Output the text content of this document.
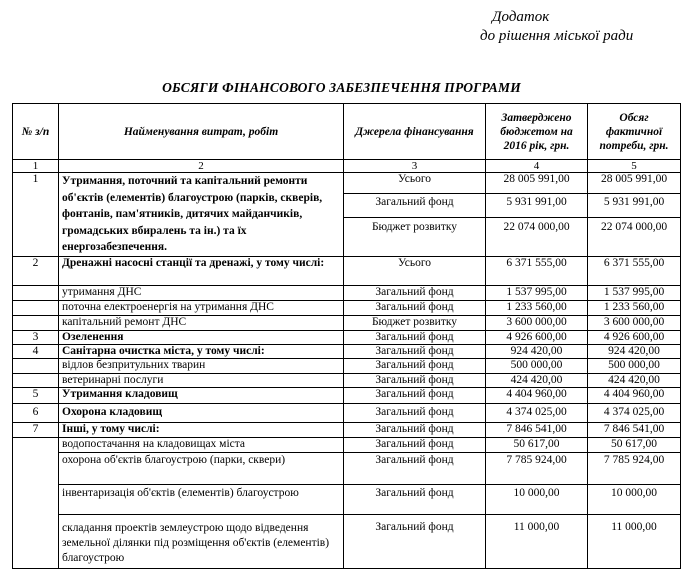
Додаток
до рішення міської ради
ОБСЯГИ ФІНАНСОВОГО ЗАБЕЗПЕЧЕННЯ ПРОГРАМИ
№ з/п	Найменування витрат, робіт	Джерела фінансування	Затверджено бюджетом на 2016 рік, грн.	Обсяг фактичної потреби, грн.
1	2	3	4	5
1	Утримання, поточний та капітальний ремонти об'єктів (елементів) благоустрою (парків, скверів, фонтанів, пам'ятників, дитячих майданчиків, громадських вбиралень та ін.) та їх енергозабезпечення.	Усього	28 005 991,00	28 005 991,00
		Загальний фонд	5 931 991,00	5 931 991,00
		Бюджет розвитку	22 074 000,00	22 074 000,00
2	Дренажні насосні станції та дренажі, у тому числі:	Усього	6 371 555,00	6 371 555,00
	утримання ДНС	Загальний фонд	1 537 995,00	1 537 995,00
	поточна електроенергія на утримання ДНС	Загальний фонд	1 233 560,00	1 233 560,00
	капітальний ремонт ДНС	Бюджет розвитку	3 600 000,00	3 600 000,00
3	Озеленення	Загальний фонд	4 926 600,00	4 926 600,00
4	Санітарна очистка міста, у тому числі:	Загальний фонд	924 420,00	924 420,00
	відлов безпритульних тварин	Загальний фонд	500 000,00	500 000,00
	ветеринарні послуги	Загальний фонд	424 420,00	424 420,00
5	Утримання кладовищ	Загальний фонд	4 404 960,00	4 404 960,00
6	Охорона кладовищ	Загальний фонд	4 374 025,00	4 374 025,00
7	Інші, у тому числі:	Загальний фонд	7 846 541,00	7 846 541,00
	водопостачання на кладовищах міста	Загальний фонд	50 617,00	50 617,00
	охорона об'єктів благоустрою (парки, сквери)	Загальний фонд	7 785 924,00	7 785 924,00
	інвентаризація об'єктів (елементів) благоустрою	Загальний фонд	10 000,00	10 000,00
	складання проектів землеустрою щодо відведення земельної ділянки під розміщення об'єктів (елементів) благоустрою	Загальний фонд	11 000,00	11 000,00
